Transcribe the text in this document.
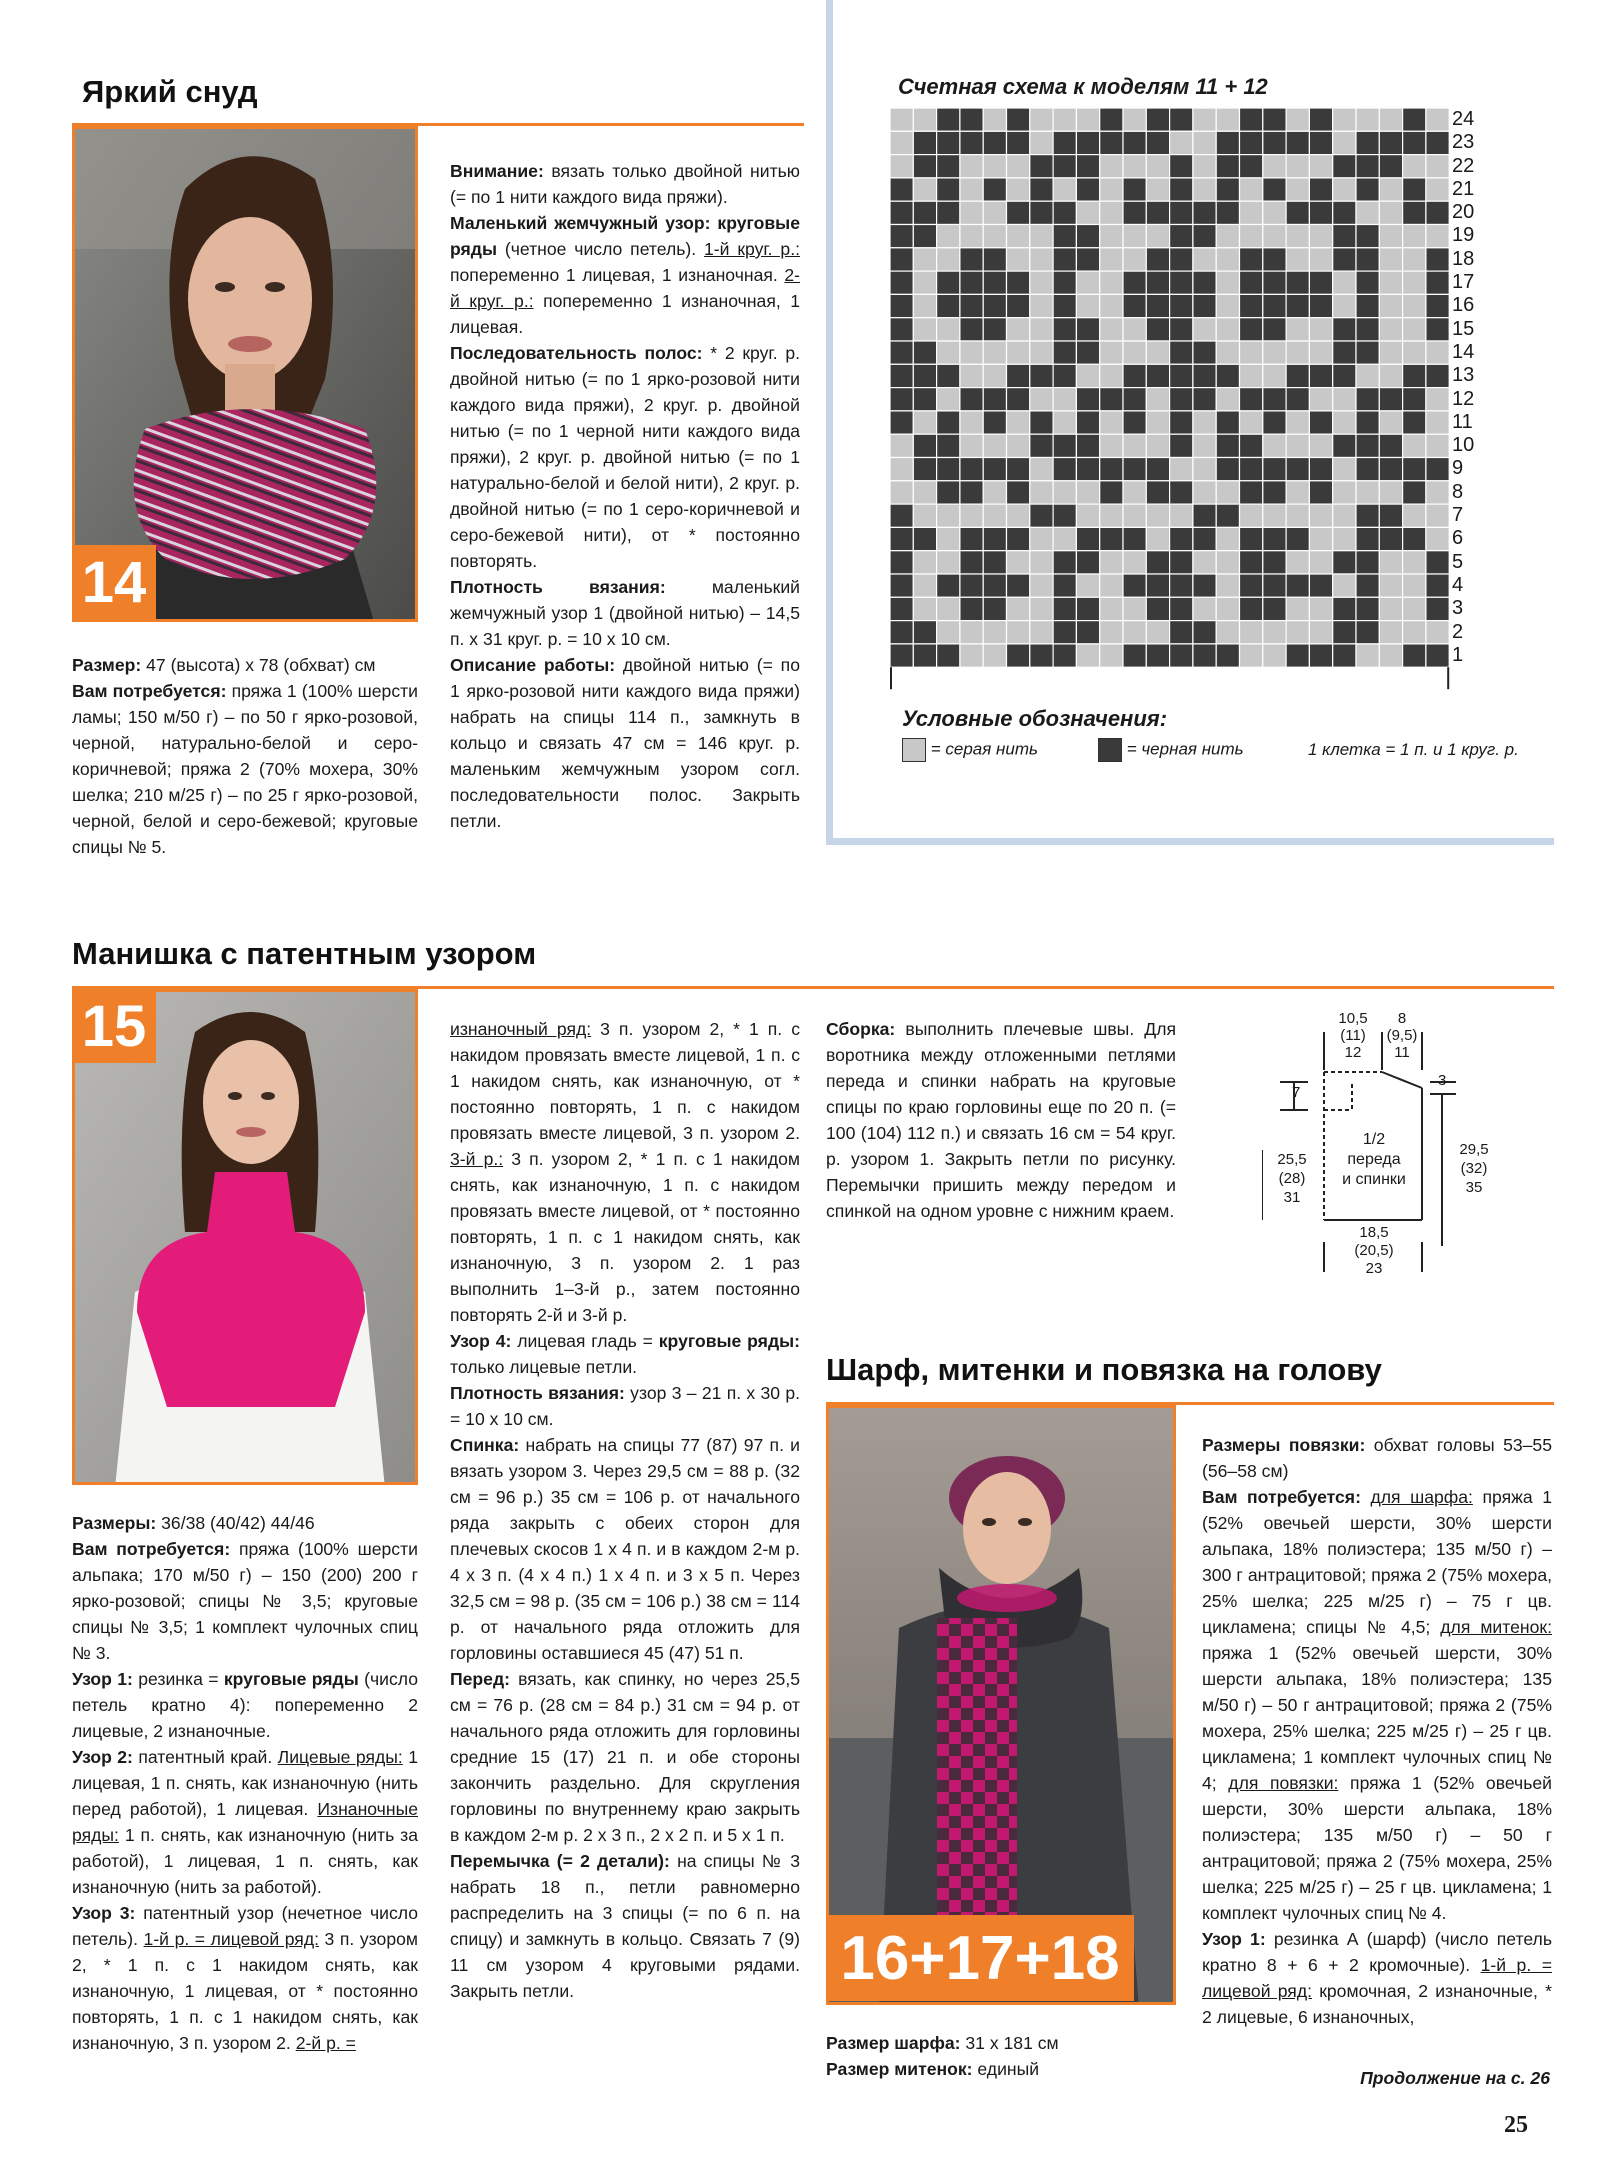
Яркий снуд
14

Размер: 47 (высота) х 78 (обхват) см

Вам потребуется: пряжа 1 (100% шерсти ламы; 150 м/50 г) – по 50 г ярко-розовой, черной, натурально-белой и серо-коричневой; пряжа 2 (70% мохера, 30% шелка; 210 м/25 г) – по 25 г ярко-розовой, черной, белой и серо-бежевой; круговые спицы № 5.

Внимание: вязать только двойной нитью (= по 1 нити каждого вида пряжи).

Маленький жемчужный узор: круговые ряды (четное число петель). 1-й круг. р.: попеременно 1 лицевая, 1 изнаночная. 2-й круг. р.: попеременно 1 изнаночная, 1 лицевая.

Последовательность полос: * 2 круг. р. двойной нитью (= по 1 ярко-розовой нити каждого вида пряжи), 2 круг. р. двойной нитью (= по 1 черной нити каждого вида пряжи), 2 круг. р. двойной нитью (= по 1 натурально-белой и белой нити), 2 круг. р. двойной нитью (= по 1 серо-коричневой и серо-бежевой нити), от * постоянно повторять.

Плотность вязания: маленький жемчужный узор 1 (двойной нитью) – 14,5 п. х 31 круг. р. = 10 х 10 см.

Описание работы: двойной нитью (= по 1 ярко-розовой нити каждого вида пряжи) набрать на спицы 114 п., замкнуть в кольцо и связать 47 см = 146 круг. р. маленьким жемчужным узором согл. последовательности полос. Закрыть петли.

Счетная схема к моделям 11 + 12
24
23
22
21
20
19
18
17
16
15
14
13
12
11
10
9
8
7
6
5
4
3
2
1
Условные обозначения:
= серая нить	= черная нить	1 клетка = 1 п. и 1 круг. р.
Манишка с патентным узором
15

Размеры: 36/38 (40/42) 44/46

Вам потребуется: пряжа (100% шерсти альпака; 170 м/50 г) – 150 (200) 200 г ярко-розовой; спицы № 3,5; круговые спицы № 3,5; 1 комплект чулочных спиц № 3.

Узор 1: резинка = круговые ряды (число петель кратно 4): попеременно 2 лицевые, 2 изнаночные.

Узор 2: патентный край. Лицевые ряды: 1 лицевая, 1 п. снять, как изнаночную (нить перед работой), 1 лицевая. Изнаночные ряды: 1 п. снять, как изнаночную (нить за работой), 1 лицевая, 1 п. снять, как изнаночную (нить за работой).

Узор 3: патентный узор (нечетное число петель). 1-й р. = лицевой ряд: 3 п. узором 2, * 1 п. с 1 накидом снять, как изнаночную, 1 лицевая, от * постоянно повторять, 1 п. с 1 накидом снять, как изнаночную, 3 п. узором 2. 2-й р. =

изнаночный ряд: 3 п. узором 2, * 1 п. с накидом провязать вместе лицевой, 1 п. с 1 накидом снять, как изнаночную, от * постоянно повторять, 1 п. с накидом провязать вместе лицевой, 3 п. узором 2. 3-й р.: 3 п. узором 2, * 1 п. с 1 накидом снять, как изнаночную, 1 п. с накидом провязать вместе лицевой, от * постоянно повторять, 1 п. с 1 накидом снять, как изнаночную, 3 п. узором 2. 1 раз выполнить 1–3-й р., затем постоянно повторять 2-й и 3-й р.

Узор 4: лицевая гладь = круговые ряды: только лицевые петли.

Плотность вязания: узор 3 – 21 п. х 30 р. = 10 х 10 см.

Спинка: набрать на спицы 77 (87) 97 п. и вязать узором 3. Через 29,5 см = 88 р. (32 см = 96 р.) 35 см = 106 р. от начального ряда закрыть с обеих сторон для плечевых скосов 1 х 4 п. и в каждом 2-м р. 4 х 3 п. (4 х 4 п.) 1 х 4 п. и 3 х 5 п. Через 32,5 см = 98 р. (35 см = 106 р.) 38 см = 114 р. от начального ряда отложить для горловины оставшиеся 45 (47) 51 п.

Перед: вязать, как спинку, но через 25,5 см = 76 р. (28 см = 84 р.) 31 см = 94 р. от начального ряда отложить для горловины средние 15 (17) 21 п. и обе стороны закончить раздельно. Для скругления горловины по внутреннему краю закрыть в каждом 2-м р. 2 х 3 п., 2 х 2 п. и 5 х 1 п.

Перемычка (= 2 детали): на спицы № 3 набрать 18 п., петли равномерно распределить на 3 спицы (= по 6 п. на спицу) и замкнуть в кольцо. Связать 7 (9) 11 см узором 4 круговыми рядами. Закрыть петли.

Сборка: выполнить плечевые швы. Для воротника между отложенными петлями переда и спинки набрать на круговые спицы по краю горловины еще по 20 п. (= 100 (104) 112 п.) и связать 16 см = 54 круг. р. узором 1. Закрыть петли по рисунку. Перемычки пришить между передом и спинкой на одном уровне с нижним краем.

10,5
(11)
12
8
(9,5)
11
7
3
25,5
(28)
31
29,5
(32)
35
1/2
переда
и спинки
18,5
(20,5)
23
Шарф, митенки и повязка на голову
16+17+18

Размер шарфа: 31 х 181 см

Размер митенок: единый

Размеры повязки: обхват головы 53–55 (56–58 см)

Вам потребуется: для шарфа: пряжа 1 (52% овечьей шерсти, 30% шерсти альпака, 18% полиэстера; 135 м/50 г) – 300 г антрацитовой; пряжа 2 (75% мохера, 25% шелка; 225 м/25 г) – 75 г цв. цикламена; спицы № 4,5; для митенок: пряжа 1 (52% овечьей шерсти, 30% шерсти альпака, 18% полиэстера; 135 м/50 г) – 50 г антрацитовой; пряжа 2 (75% мохера, 25% шелка; 225 м/25 г) – 25 г цв. цикламена; 1 комплект чулочных спиц № 4; для повязки: пряжа 1 (52% овечьей шерсти, 30% шерсти альпака, 18% полиэстера; 135 м/50 г) – 50 г антрацитовой; пряжа 2 (75% мохера, 25% шелка; 225 м/25 г) – 25 г цв. цикламена; 1 комплект чулочных спиц № 4.

Узор 1: резинка А (шарф) (число петель кратно 8 + 6 + 2 кромочные). 1-й р. = лицевой ряд: кромочная, 2 изнаночные, * 2 лицевые, 6 изнаночных,

Продолжение на с. 26
25
